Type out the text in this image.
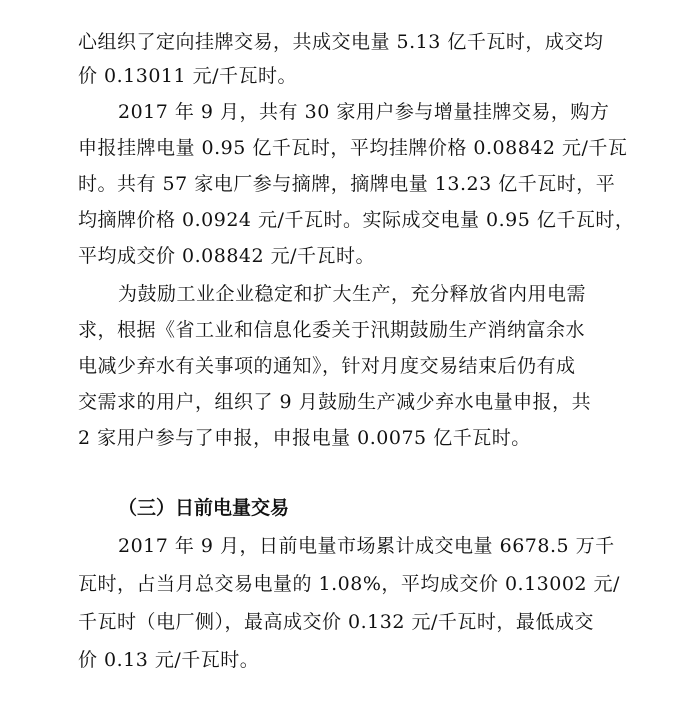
心组织了定向挂牌交易，共成交电量 5.13 亿千瓦时，成交均
价 0.13011 元/千瓦时。
2017 年 9 月，共有 30 家用户参与增量挂牌交易，购方
申报挂牌电量 0.95 亿千瓦时，平均挂牌价格 0.08842 元/千瓦
时。共有 57 家电厂参与摘牌，摘牌电量 13.23 亿千瓦时，平
均摘牌价格 0.0924 元/千瓦时。实际成交电量 0.95 亿千瓦时，
平均成交价 0.08842 元/千瓦时。
为鼓励工业企业稳定和扩大生产，充分释放省内用电需
求，根据《省工业和信息化委关于汛期鼓励生产消纳富余水
电减少弃水有关事项的通知》，针对月度交易结束后仍有成
交需求的用户，组织了 9 月鼓励生产减少弃水电量申报，共
2 家用户参与了申报，申报电量 0.0075 亿千瓦时。
（三）日前电量交易
2017 年 9 月，日前电量市场累计成交电量 6678.5 万千
瓦时，占当月总交易电量的 1.08%，平均成交价 0.13002 元/
千瓦时（电厂侧），最高成交价 0.132 元/千瓦时，最低成交
价 0.13 元/千瓦时。
